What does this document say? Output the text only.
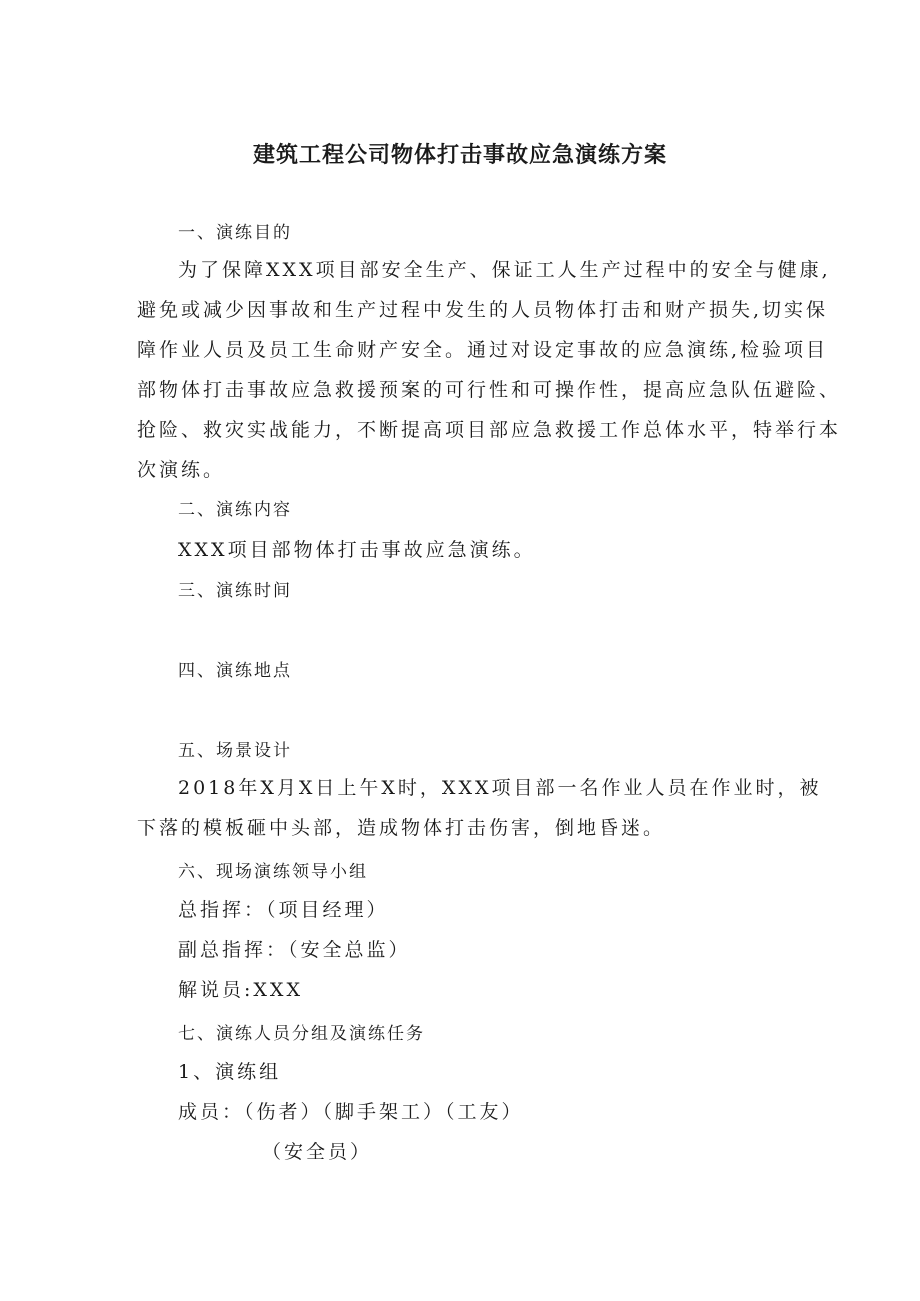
建筑工程公司物体打击事故应急演练方案
一、演练目的
为了保障XXX项目部安全生产、保证工人生产过程中的安全与健康,
避免或减少因事故和生产过程中发生的人员物体打击和财产损失,切实保
障作业人员及员工生命财产安全。通过对设定事故的应急演练,检验项目
部物体打击事故应急救援预案的可行性和可操作性，提高应急队伍避险、
抢险、救灾实战能力，不断提高项目部应急救援工作总体水平，特举行本
次演练。
二、演练内容
XXX项目部物体打击事故应急演练。
三、演练时间
四、演练地点
五、场景设计
2018年X月X日上午X时，XXX项目部一名作业人员在作业时，被
下落的模板砸中头部，造成物体打击伤害，倒地昏迷。
六、现场演练领导小组
总指挥：（项目经理）
副总指挥：（安全总监）
解说员:XXX
七、演练人员分组及演练任务
1、演练组
成员：（伤者）（脚手架工）（工友）
（安全员）
